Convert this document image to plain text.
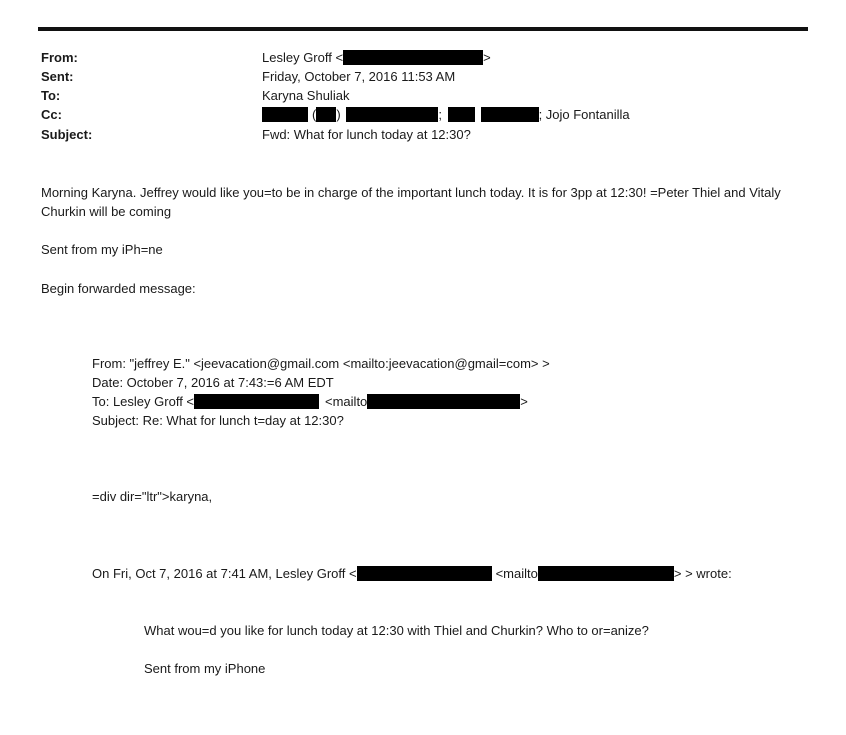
From:	Lesley Groff <	>
Sent:	Friday, October 7, 2016 11:53 AM
To:	Karyna Shuliak
Cc:	( )	;	; Jojo Fontanilla
Subject:	Fwd: What for lunch today at 12:30?
Morning Karyna. Jeffrey would like you=to be in charge of the important lunch today. It is for 3pp at 12:30! =Peter Thiel and Vitaly Churkin will be coming
Sent from my iPh=ne
Begin forwarded message:
From: "jeffrey E." <jeevacation@gmail.com <mailto:jeevacation@gmail=com> >
Date: October 7, 2016 at 7:43:=6 AM EDT
To: Lesley Groff <	<mailto	>
Subject: Re: What for lunch t=day at 12:30?
=div dir="ltr">karyna,
On Fri, Oct 7, 2016 at 7:41 AM, Lesley Groff <	<mailto	> > wrote:
What wou=d you like for lunch today at 12:30 with Thiel and Churkin? Who to or=anize?
Sent from my iPhone
